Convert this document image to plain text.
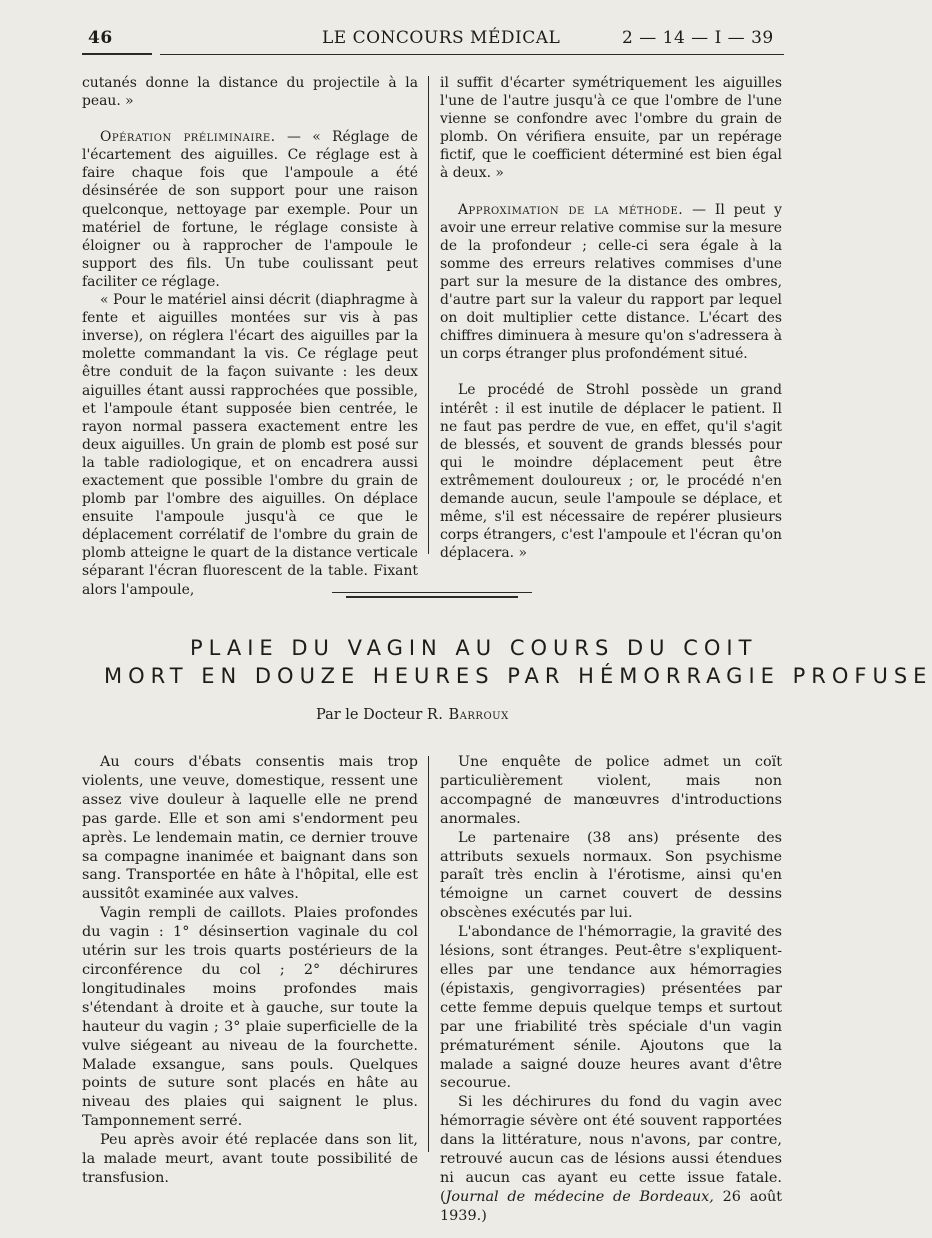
46	LE CONCOURS MÉDICAL	2 — 14 — I — 39

cutanés donne la distance du projectile à la peau. »

Opération préliminaire. — « Réglage de l'écartement des aiguilles. Ce réglage est à faire chaque fois que l'ampoule a été désinsérée de son support pour une raison quelconque, nettoyage par exemple. Pour un matériel de fortune, le réglage consiste à éloigner ou à rapprocher de l'ampoule le support des fils. Un tube coulissant peut faciliter ce réglage.

« Pour le matériel ainsi décrit (diaphragme à fente et aiguilles montées sur vis à pas inverse), on réglera l'écart des aiguilles par la molette commandant la vis. Ce réglage peut être conduit de la façon suivante : les deux aiguilles étant aussi rapprochées que possible, et l'ampoule étant supposée bien centrée, le rayon normal passera exactement entre les deux aiguilles. Un grain de plomb est posé sur la table radiologique, et on encadrera aussi exactement que possible l'ombre du grain de plomb par l'ombre des aiguilles. On déplace ensuite l'ampoule jusqu'à ce que le déplacement corrélatif de l'ombre du grain de plomb atteigne le quart de la distance verticale séparant l'écran fluorescent de la table. Fixant alors l'ampoule,

il suffit d'écarter symétriquement les aiguilles l'une de l'autre jusqu'à ce que l'ombre de l'une vienne se confondre avec l'ombre du grain de plomb. On vérifiera ensuite, par un repérage fictif, que le coefficient déterminé est bien égal à deux. »

Approximation de la méthode. — Il peut y avoir une erreur relative commise sur la mesure de la profondeur ; celle-ci sera égale à la somme des erreurs relatives commises d'une part sur la mesure de la distance des ombres, d'autre part sur la valeur du rapport par lequel on doit multiplier cette distance. L'écart des chiffres diminuera à mesure qu'on s'adressera à un corps étranger plus profondément situé.

Le procédé de Strohl possède un grand intérêt : il est inutile de déplacer le patient. Il ne faut pas perdre de vue, en effet, qu'il s'agit de blessés, et souvent de grands blessés pour qui le moindre déplacement peut être extrêmement douloureux ; or, le procédé n'en demande aucun, seule l'ampoule se déplace, et même, s'il est nécessaire de repérer plusieurs corps étrangers, c'est l'ampoule et l'écran qu'on déplacera. »

PLAIE DU VAGIN AU COURS DU COIT
MORT EN DOUZE HEURES PAR HÉMORRAGIE PROFUSE
Par le Docteur R. Barroux

Au cours d'ébats consentis mais trop violents, une veuve, domestique, ressent une assez vive douleur à laquelle elle ne prend pas garde. Elle et son ami s'endorment peu après. Le lendemain matin, ce dernier trouve sa compagne inanimée et baignant dans son sang. Transportée en hâte à l'hôpital, elle est aussitôt examinée aux valves.

Vagin rempli de caillots. Plaies profondes du vagin : 1° désinsertion vaginale du col utérin sur les trois quarts postérieurs de la circonférence du col ; 2° déchirures longitudinales moins profondes mais s'étendant à droite et à gauche, sur toute la hauteur du vagin ; 3° plaie superficielle de la vulve siégeant au niveau de la fourchette. Malade exsangue, sans pouls. Quelques points de suture sont placés en hâte au niveau des plaies qui saignent le plus. Tamponnement serré.

Peu après avoir été replacée dans son lit, la malade meurt, avant toute possibilité de transfusion.

Une enquête de police admet un coït particulièrement violent, mais non accompagné de manœuvres d'introductions anormales.

Le partenaire (38 ans) présente des attributs sexuels normaux. Son psychisme paraît très enclin à l'érotisme, ainsi qu'en témoigne un carnet couvert de dessins obscènes exécutés par lui.

L'abondance de l'hémorragie, la gravité des lésions, sont étranges. Peut-être s'expliquent-elles par une tendance aux hémorragies (épistaxis, gengivorragies) présentées par cette femme depuis quelque temps et surtout par une friabilité très spéciale d'un vagin prématurément sénile. Ajoutons que la malade a saigné douze heures avant d'être secourue.

Si les déchirures du fond du vagin avec hémorragie sévère ont été souvent rapportées dans la littérature, nous n'avons, par contre, retrouvé aucun cas de lésions aussi étendues ni aucun cas ayant eu cette issue fatale. (Journal de médecine de Bordeaux, 26 août 1939.)
